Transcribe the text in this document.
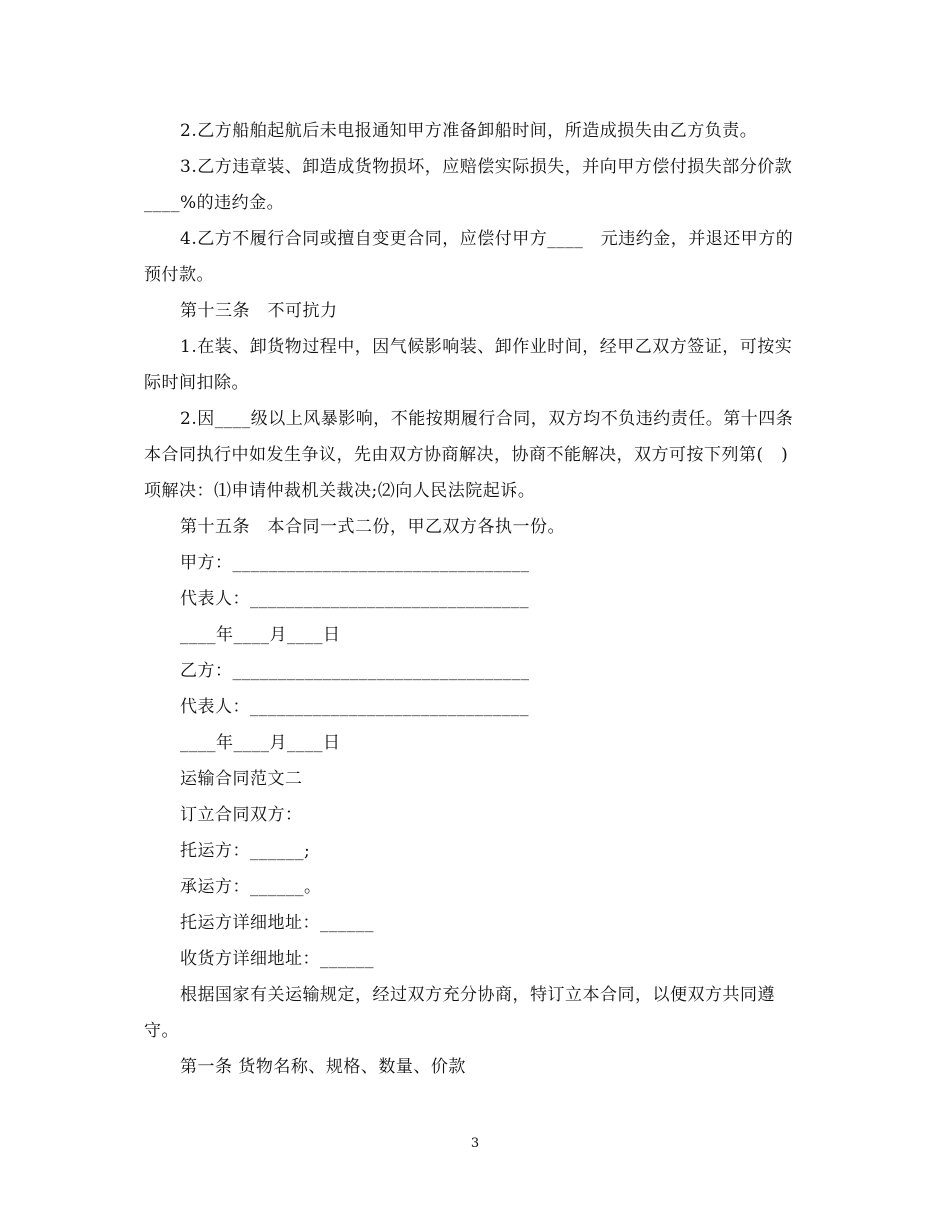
2.乙方船舶起航后未电报通知甲方准备卸船时间，所造成损失由乙方负责。

3.乙方违章装、卸造成货物损坏，应赔偿实际损失，并向甲方偿付损失部分价款____%的违约金。

4.乙方不履行合同或擅自变更合同，应偿付甲方____　元违约金，并退还甲方的预付款。

第十三条　不可抗力

1.在装、卸货物过程中，因气候影响装、卸作业时间，经甲乙双方签证，可按实际时间扣除。

2.因____级以上风暴影响，不能按期履行合同，双方均不负违约责任。第十四条　本合同执行中如发生争议，先由双方协商解决，协商不能解决，双方可按下列第(　)项解决：⑴申请仲裁机关裁决;⑵向人民法院起诉。

第十五条　本合同一式二份，甲乙双方各执一份。

甲方：_________________________________

代表人：_______________________________

____年____月____日

乙方：_________________________________

代表人：_______________________________

____年____月____日

运输合同范文二

订立合同双方：

托运方：______;

承运方：______。

托运方详细地址：______

收货方详细地址：______

根据国家有关运输规定，经过双方充分协商，特订立本合同，以便双方共同遵守。

第一条 货物名称、规格、数量、价款

3
